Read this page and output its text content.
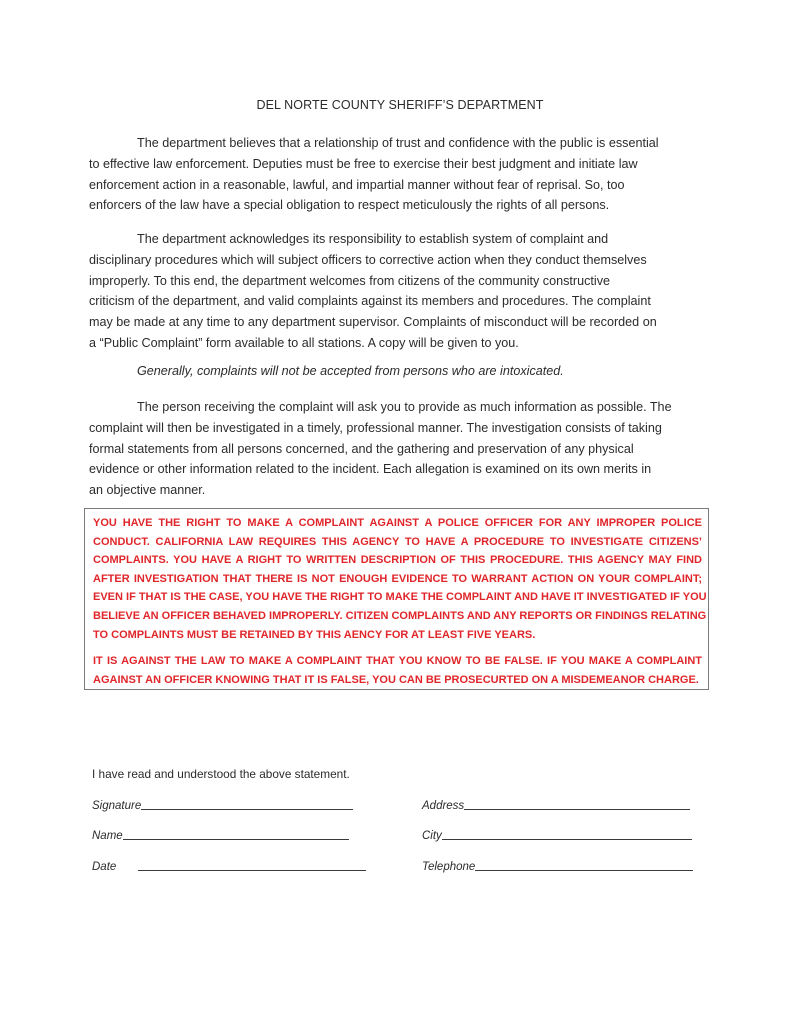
DEL NORTE COUNTY SHERIFF’S DEPARTMENT
The department believes that a relationship of trust and confidence with the public is essential
to effective law enforcement. Deputies must be free to exercise their best judgment and initiate law
enforcement action in a reasonable, lawful, and impartial manner without fear of reprisal. So, too
enforcers of the law have a special obligation to respect meticulously the rights of all persons.
The department acknowledges its responsibility to establish system of complaint and
disciplinary procedures which will subject officers to corrective action when they conduct themselves
improperly. To this end, the department welcomes from citizens of the community constructive
criticism of the department, and valid complaints against its members and procedures. The complaint
may be made at any time to any department supervisor. Complaints of misconduct will be recorded on
a “Public Complaint” form available to all stations. A copy will be given to you.
Generally, complaints will not be accepted from persons who are intoxicated.
The person receiving the complaint will ask you to provide as much information as possible. The
complaint will then be investigated in a timely, professional manner. The investigation consists of taking
formal statements from all persons concerned, and the gathering and preservation of any physical
evidence or other information related to the incident. Each allegation is examined on its own merits in
an objective manner.
YOU HAVE THE RIGHT TO MAKE A COMPLAINT AGAINST A POLICE OFFICER FOR ANY IMPROPER POLICE
CONDUCT. CALIFORNIA LAW REQUIRES THIS AGENCY TO HAVE A PROCEDURE TO INVESTIGATE CITIZENS’
COMPLAINTS. YOU HAVE A RIGHT TO WRITTEN DESCRIPTION OF THIS PROCEDURE. THIS AGENCY MAY FIND
AFTER INVESTIGATION THAT THERE IS NOT ENOUGH EVIDENCE TO WARRANT ACTION ON YOUR COMPLAINT;
EVEN IF THAT IS THE CASE, YOU HAVE THE RIGHT TO MAKE THE COMPLAINT AND HAVE IT INVESTIGATED IF YOU
BELIEVE AN OFFICER BEHAVED IMPROPERLY. CITIZEN COMPLAINTS AND ANY REPORTS OR FINDINGS RELATING
TO COMPLAINTS MUST BE RETAINED BY THIS AENCY FOR AT LEAST FIVE YEARS.
IT IS AGAINST THE LAW TO MAKE A COMPLAINT THAT YOU KNOW TO BE FALSE. IF YOU MAKE A COMPLAINT
AGAINST AN OFFICER KNOWING THAT IT IS FALSE, YOU CAN BE PROSECURTED ON A MISDEMEANOR CHARGE.
I have read and understood the above statement.
Signature
Name
Date
Address
City
Telephone
